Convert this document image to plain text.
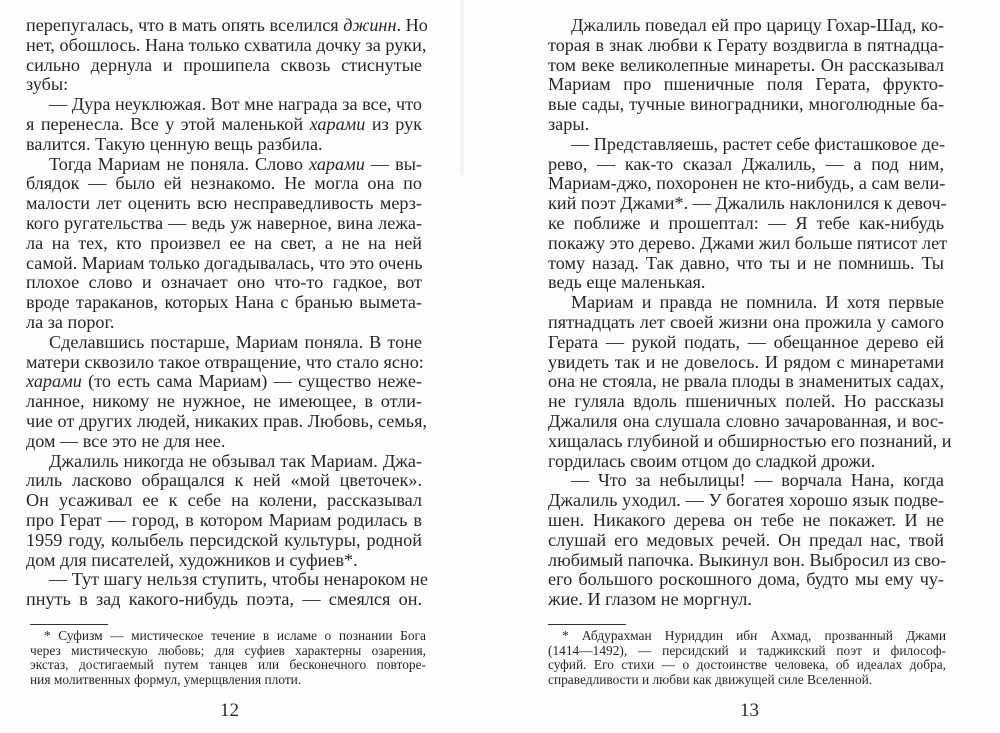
перепугалась, что в мать опять вселился джинн. Но
нет, обошлось. Нана только схватила дочку за руки,
сильно дернула и прошипела сквозь стиснутые
зубы:
— Дура неуклюжая. Вот мне награда за все, что
я перенесла. Все у этой маленькой харами из рук
валится. Такую ценную вещь разбила.
Тогда Мариам не поняла. Слово харами — вы-
блядок — было ей незнакомо. Не могла она по
малости лет оценить всю несправедливость мерз-
кого ругательства — ведь уж наверное, вина лежа-
ла на тех, кто произвел ее на свет, а не на ней
самой. Мариам только догадывалась, что это очень
плохое слово и означает оно что-то гадкое, вот
вроде тараканов, которых Нана с бранью вымета-
ла за порог.
Сделавшись постарше, Мариам поняла. В тоне
матери сквозило такое отвращение, что стало ясно:
харами (то есть сама Мариам) — существо нежe-
ланное, никому не нужное, не имеющее, в отли-
чие от других людей, никаких прав. Любовь, семья,
дом — все это не для нее.
Джалиль никогда не обзывал так Мариам. Джа-
лиль ласково обращался к ней «мой цветочек».
Он усаживал ее к себе на колени, рассказывал
про Герат — город, в котором Мариам родилась в
1959 году, колыбель персидской культуры, родной
дом для писателей, художников и суфиев*.
— Тут шагу нельзя ступить, чтобы ненароком не
пнуть в зад какого-нибудь поэта, — смеялся он.
* Суфизм — мистическое течение в исламе о познании Бога
через мистическую любовь; для суфиев характерны озарения,
экстаз, достигаемый путем танцев или бесконечного повторе-
ния молитвенных формул, умерщвления плоти.
12
Джалиль поведал ей про царицу Гохар-Шад, ко-
торая в знак любви к Герату воздвигла в пятнадца-
том веке великолепные минареты. Он рассказывал
Мариам про пшеничные поля Герата, фрукто-
вые сады, тучные виноградники, многолюдные ба-
зары.
— Представляешь, растет себе фисташковое де-
рево, — как-то сказал Джалиль, — а под ним,
Мариам-джо, похоронен не кто-нибудь, а сам вели-
кий поэт Джами*. — Джалиль наклонился к девоч-
ке поближе и прошептал: — Я тебе как-нибудь
покажу это дерево. Джами жил больше пятисот лет
тому назад. Так давно, что ты и не помнишь. Ты
ведь еще маленькая.
Мариам и правда не помнила. И хотя первые
пятнадцать лет своей жизни она прожила у самого
Герата — рукой подать, — обещанное дерево ей
увидеть так и не довелось. И рядом с минаретами
она не стояла, не рвала плоды в знаменитых садах,
не гуляла вдоль пшеничных полей. Но рассказы
Джалиля она слушала словно зачарованная, и вос-
хищалась глубиной и обширностью его познаний, и
гордилась своим отцом до сладкой дрожи.
— Что за небылицы! — ворчала Нана, когда
Джалиль уходил. — У богатея хорошо язык подве-
шен. Никакого дерева он тебе не покажет. И не
слушай его медовых речей. Он предал нас, твой
любимый папочка. Выкинул вон. Выбросил из сво-
его большого роскошного дома, будто мы ему чу-
жие. И глазом не моргнул.
* Абдурахман Нуриддин ибн Ахмад, прозванный Джами
(1414—1492), — персидский и таджикский поэт и философ-
суфий. Его стихи — о достоинстве человека, об идеалах добра,
справедливости и любви как движущей силе Вселенной.
13
